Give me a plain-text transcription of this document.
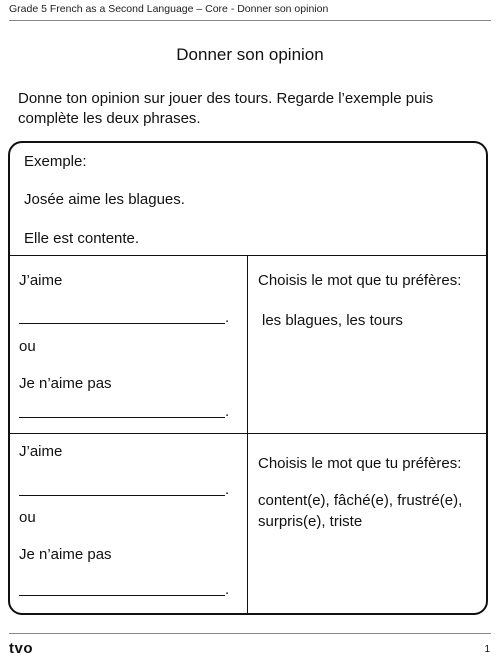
Grade 5 French as a Second Language – Core - Donner son opinion
Donner son opinion
Donne ton opinion sur jouer des tours. Regarde l’exemple puis complète les deux phrases.
Exemple:
Josée aime les blagues.
Elle est contente.
J’aime
.
ou
Je n’aime pas
.
Choisis le mot que tu préfères:
les blagues, les tours
J’aime
.
ou
Je n’aime pas
.
Choisis le mot que tu préfères:
content(e), fâché(e), frustré(e), surpris(e), triste
tvo	1
